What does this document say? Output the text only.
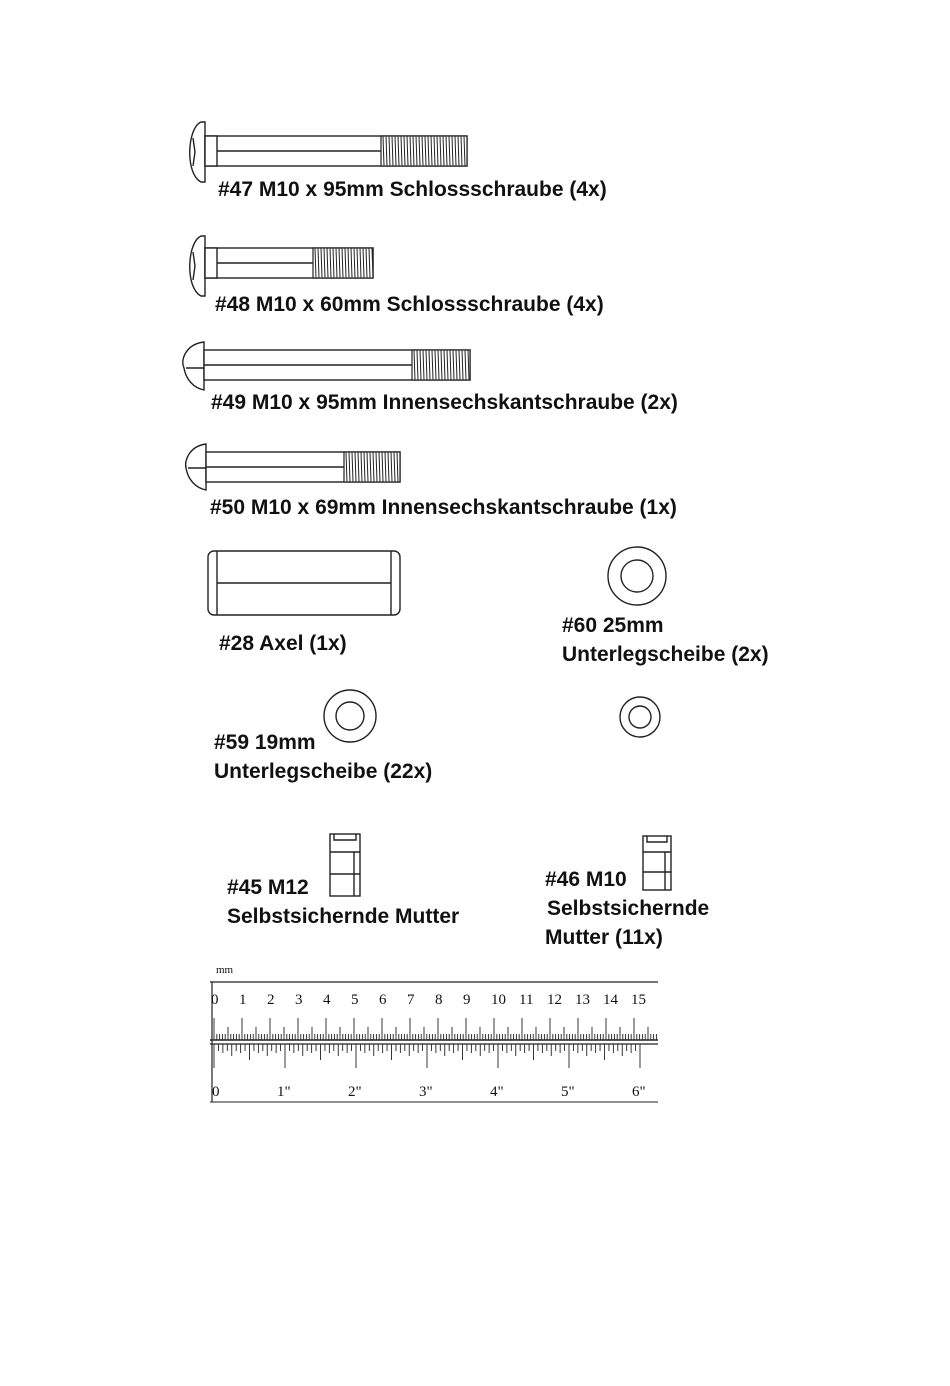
#47 M10 x 95mm Schlossschraube (4x)
#48 M10 x 60mm Schlossschraube (4x)
#49 M10 x 95mm Innensechskantschraube (2x)
#50 M10 x 69mm Innensechskantschraube (1x)
#28 Axel (1x)
#60 25mm
Unterlegscheibe (2x)
#59 19mm
Unterlegscheibe (22x)
#45 M12
Selbstsichernde Mutter
#46 M10
Selbstsichernde
Mutter (11x)
mm
0 1 2 3 4 5 6 7 8 9 10 11 12 13 14 15
0	1"	2"	3"	4"	5"	6"
